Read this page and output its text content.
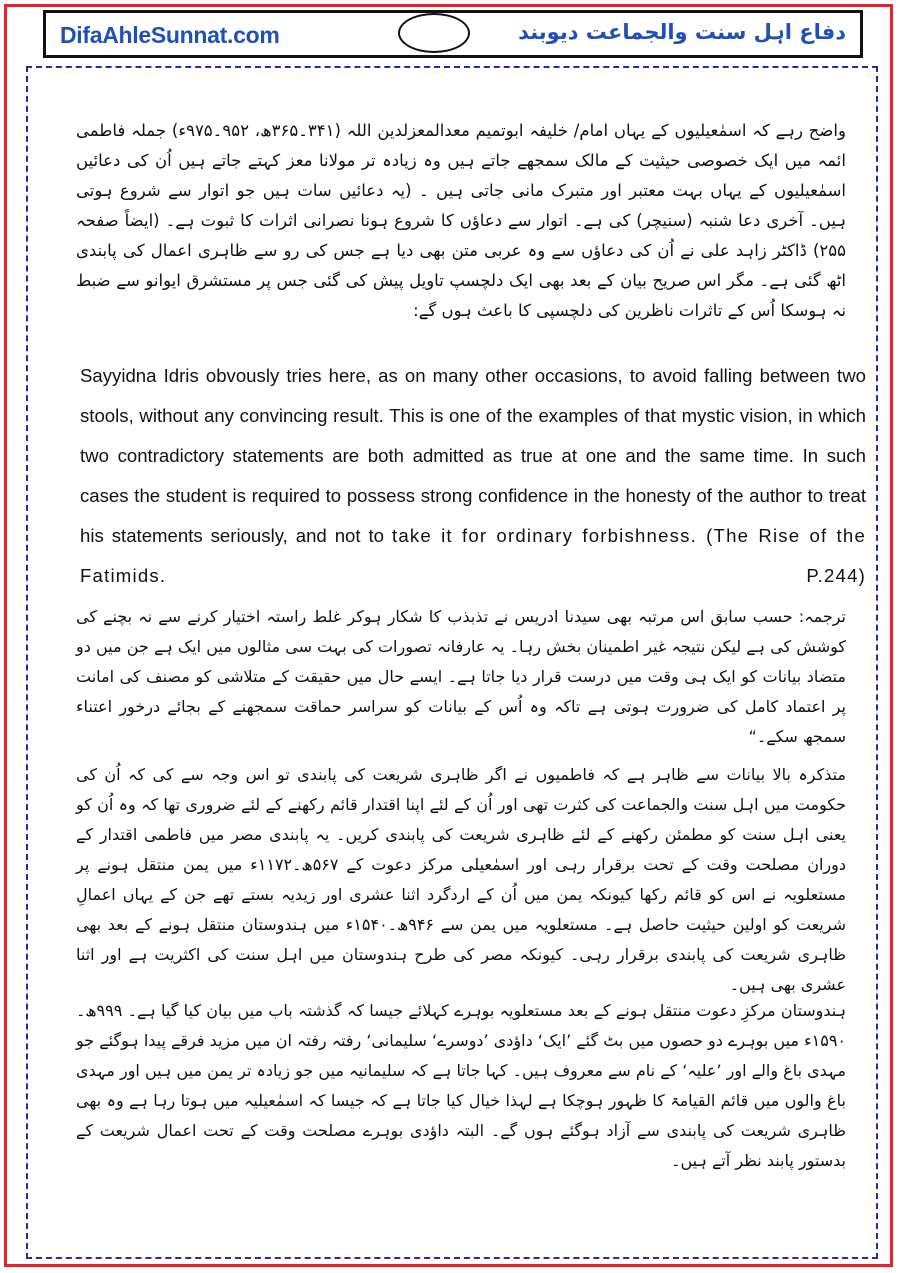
DifaAhleSunnat.com	دفاع اہل سنت والجماعت دیوبند
واضح رہے کہ اسمٰعیلیوں کے یہاں امام/ خلیفہ ابوتمیم معدالمعزلدین اللہ (۳۴۱۔۳۶۵ھ، ۹۵۲۔۹۷۵ء) جملہ فاطمی ائمہ میں ایک خصوصی حیثیت کے مالک سمجھے جاتے ہیں وہ زیادہ تر مولانا معز کہتے جاتے ہیں اُن کی دعائیں اسمٰعیلیوں کے یہاں بہت معتبر اور متبرک مانی جاتی ہیں ۔ (یہ دعائیں سات ہیں جو اتوار سے شروع ہوتی ہیں۔ آخری دعا شنبہ (سنیچر) کی ہے۔ اتوار سے دعاؤں کا شروع ہونا نصرانی اثرات کا ثبوت ہے۔ (ایضاً صفحہ ۲۵۵) ڈاکٹر زاہد علی نے اُن کی دعاؤں سے وہ عربی متن بھی دیا ہے جس کی رو سے ظاہری اعمال کی پابندی اٹھ گئی ہے۔ مگر اس صریح بیان کے بعد بھی ایک دلچسپ تاویل پیش کی گئی جس پر مستشرق ایوانو سے ضبط نہ ہوسکا اُس کے تاثرات ناظرین کی دلچسپی کا باعث ہوں گے:
Sayyidna Idris obvously tries here, as on many other occasions, to avoid falling between two stools, without any convincing result. This is one of the examples of that mystic vision, in which two contradictory statements are both admitted as true at one and the same time. In such cases the student is required to possess strong confidence in the honesty of the author to treat his statements seriously, and not to take it for ordinary forbishness. (The Rise of the Fatimids. P.244)
ترجمہ: حسب سابق اس مرتبہ بھی سیدنا ادریس نے تذبذب کا شکار ہوکر غلط راستہ اختیار کرنے سے نہ بچنے کی کوشش کی ہے لیکن نتیجہ غیر اطمینان بخش رہا۔ یہ عارفانہ تصورات کی بہت سی مثالوں میں ایک ہے جن میں دو متضاد بیانات کو ایک ہی وقت میں درست قرار دیا جاتا ہے۔ ایسے حال میں حقیقت کے متلاشی کو مصنف کی امانت پر اعتماد کامل کی ضرورت ہوتی ہے تاکہ وہ اُس کے بیانات کو سراسر حماقت سمجھنے کے بجائے درخور اعتناء سمجھ سکے۔“
متذکرہ بالا بیانات سے ظاہر ہے کہ فاطمیوں نے اگر ظاہری شریعت کی پابندی تو اس وجہ سے کی کہ اُن کی حکومت میں اہل سنت والجماعت کی کثرت تھی اور اُن کے لئے اپنا اقتدار قائم رکھنے کے لئے ضروری تھا کہ وہ اُن کو یعنی اہل سنت کو مطمئن رکھنے کے لئے ظاہری شریعت کی پابندی کریں۔ یہ پابندی مصر میں فاطمی اقتدار کے دوران مصلحت وقت کے تحت برقرار رہی اور اسمٰعیلی مرکز دعوت کے ۵۶۷ھ۔۱۱۷۲ء میں یمن منتقل ہونے پر مستعلویہ نے اس کو قائم رکھا کیونکہ یمن میں اُن کے اردگرد اثنا عشری اور زیدیہ بستے تھے جن کے یہاں اعمالِ شریعت کو اولین حیثیت حاصل ہے۔ مستعلویہ میں یمن سے ۹۴۶ھ۔۱۵۴۰ء میں ہندوستان منتقل ہونے کے بعد بھی ظاہری شریعت کی پابندی برقرار رہی۔ کیونکہ مصر کی طرح ہندوستان میں اہل سنت کی اکثریت ہے اور اثنا عشری بھی ہیں۔
ہندوستان مرکزِ دعوت منتقل ہونے کے بعد مستعلویہ بوہرے کہلائے جیسا کہ گذشتہ باب میں بیان کیا گیا ہے۔ ۹۹۹ھ۔۱۵۹۰ء میں بوہرے دو حصوں میں بٹ گئے ’ایک‘ داؤدی ’دوسرے‘ سلیمانی‘ رفتہ رفتہ ان میں مزید فرقے پیدا ہوگئے جو مہدی باغ والے اور ’علیہ‘ کے نام سے معروف ہیں۔ کہا جاتا ہے کہ سلیمانیہ میں جو زیادہ تر یمن میں ہیں اور مہدی باغ والوں میں قائم القیامۃ کا ظہور ہوچکا ہے لہذا خیال کیا جاتا ہے کہ جیسا کہ اسمٰعیلیہ میں ہوتا رہا ہے وہ بھی ظاہری شریعت کی پابندی سے آزاد ہوگئے ہوں گے۔ البتہ داؤدی بوہرے مصلحت وقت کے تحت اعمال شریعت کے بدستور پابند نظر آتے ہیں۔
